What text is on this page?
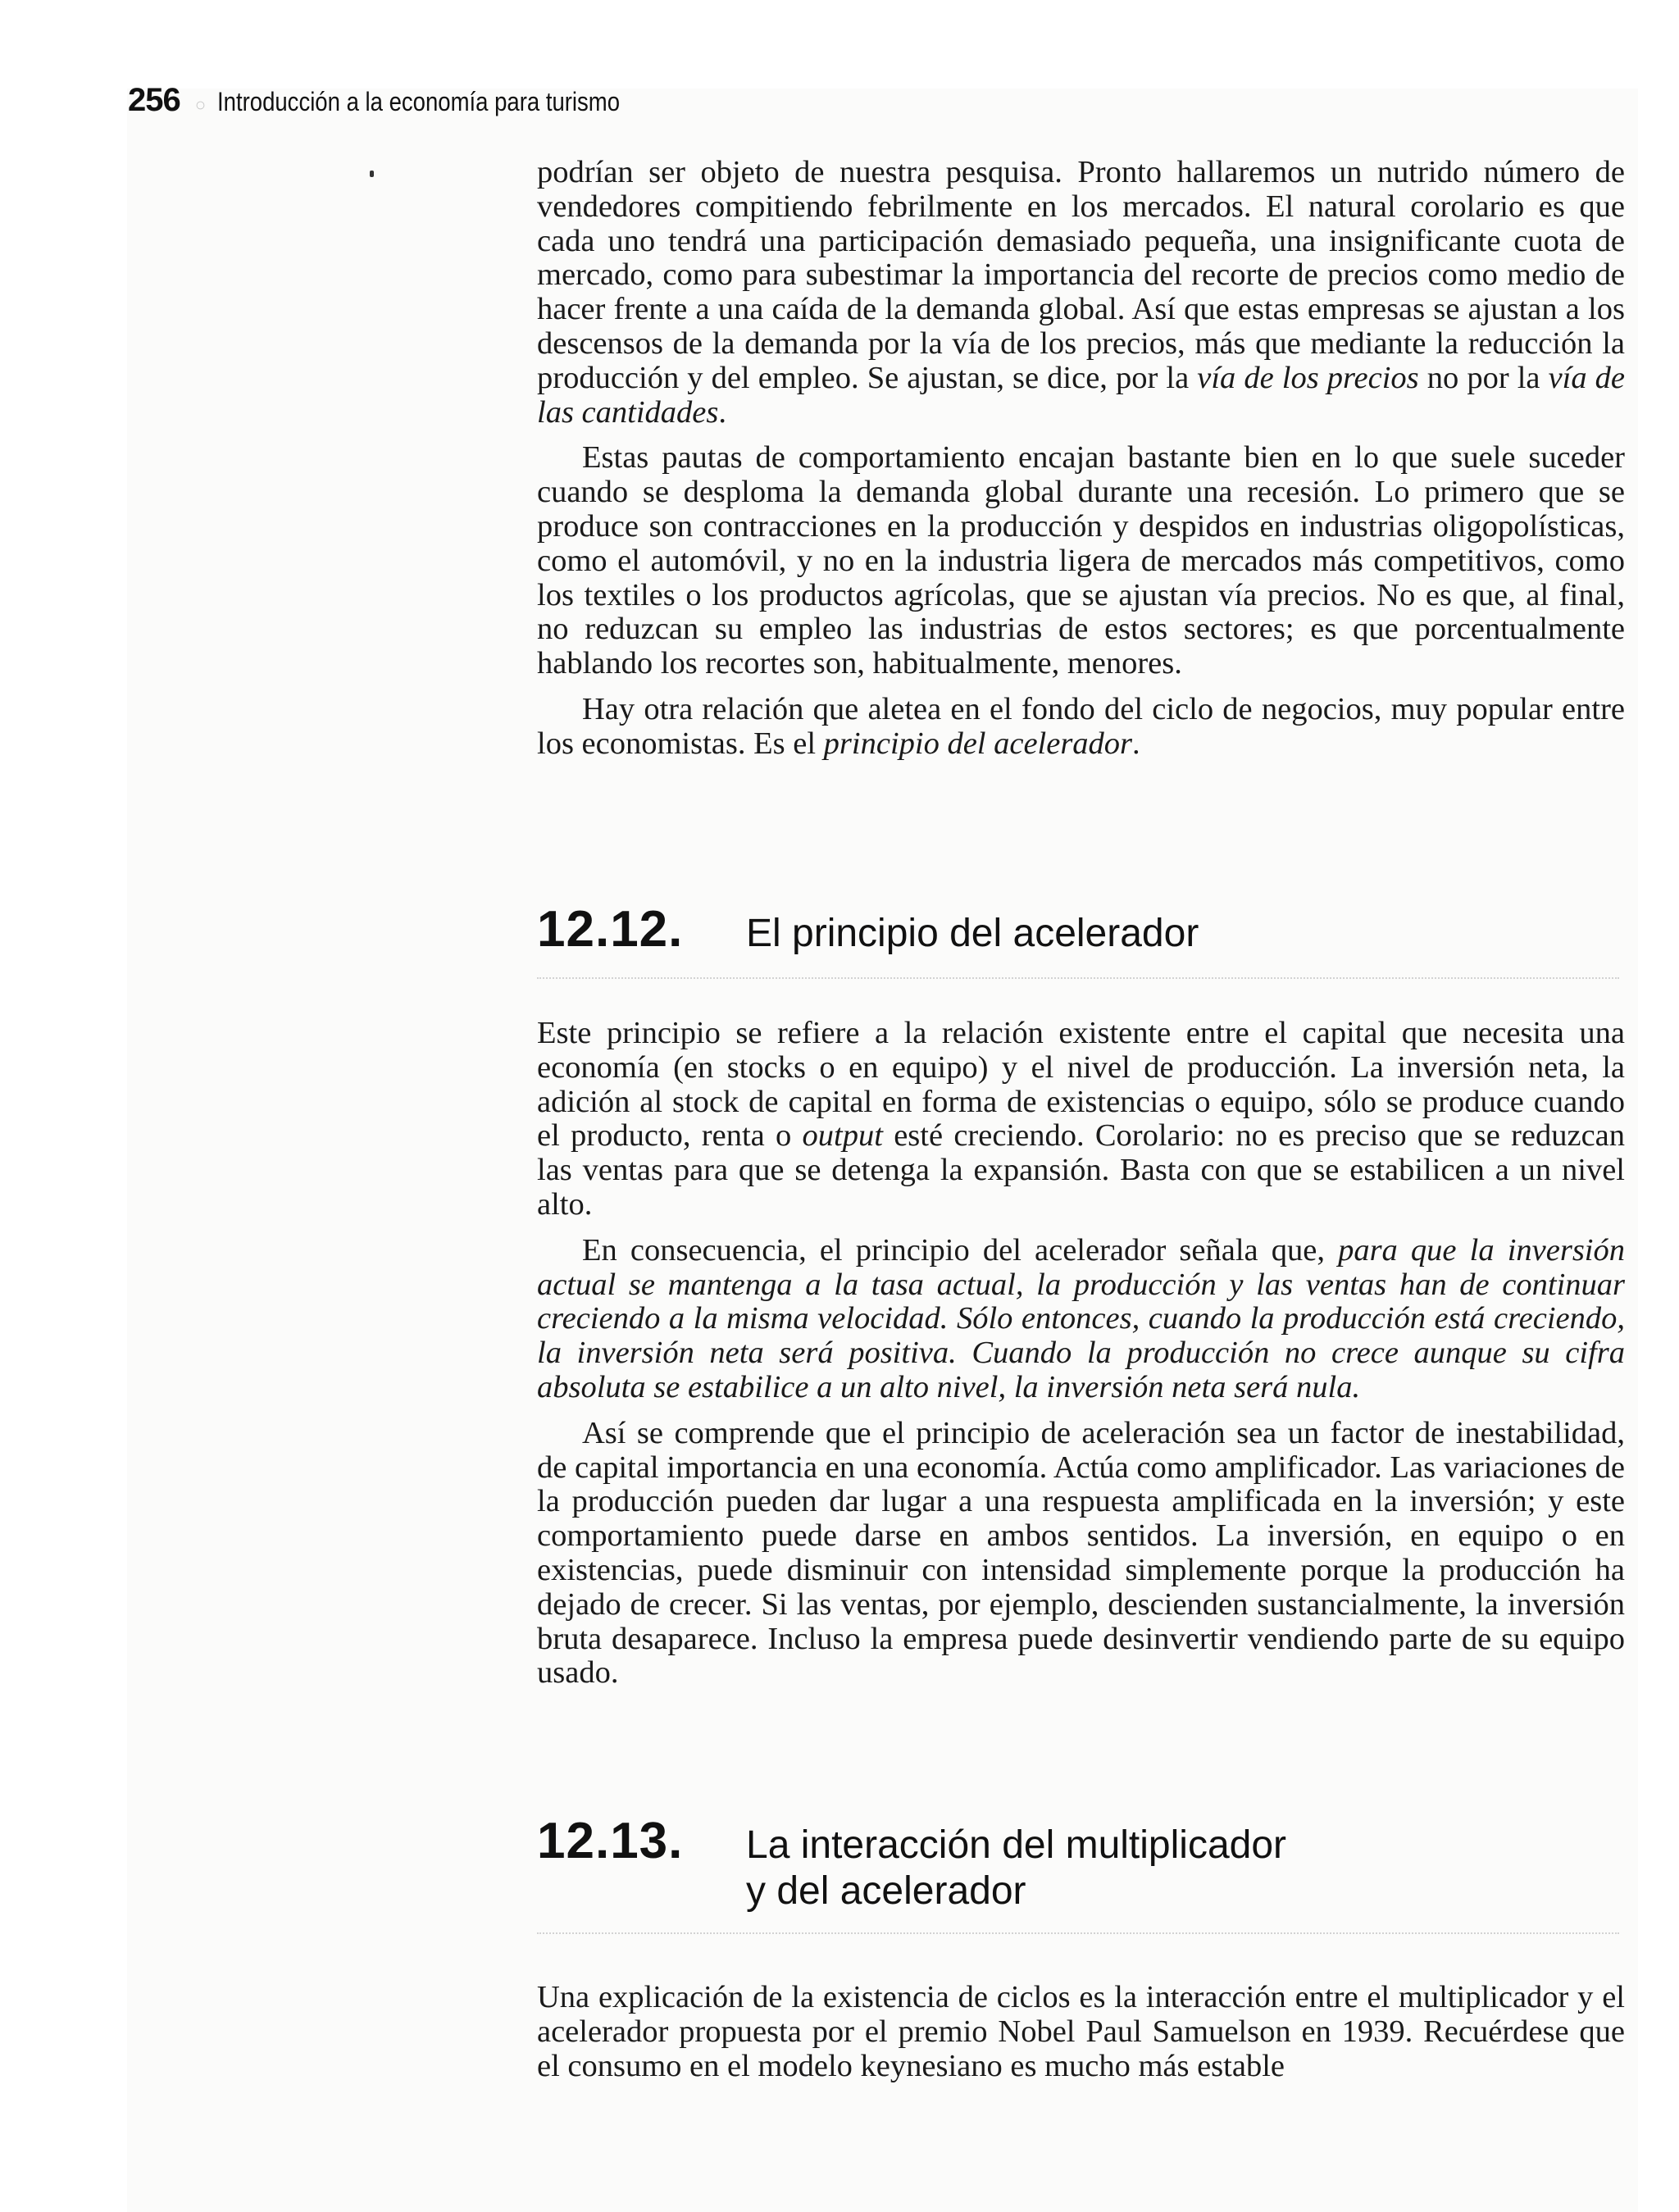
256 ○ Introducción a la economía para turismo

podrían ser objeto de nuestra pesquisa. Pronto hallaremos un nutrido número de vendedores compitiendo febrilmente en los mercados. El natural corolario es que cada uno tendrá una participación demasiado pequeña, una insignificante cuota de mercado, como para subestimar la importancia del recorte de precios como medio de hacer frente a una caída de la demanda global. Así que estas empresas se ajustan a los descensos de la demanda por la vía de los precios, más que mediante la reducción la producción y del empleo. Se ajustan, se dice, por la vía de los precios no por la vía de las cantidades.

Estas pautas de comportamiento encajan bastante bien en lo que suele suceder cuando se desploma la demanda global durante una recesión. Lo primero que se produce son contracciones en la producción y despidos en industrias oligopolísticas, como el automóvil, y no en la industria ligera de mercados más competitivos, como los textiles o los productos agrícolas, que se ajustan vía precios. No es que, al final, no reduzcan su empleo las industrias de estos sectores; es que porcentualmente hablando los recortes son, habitualmente, menores.

Hay otra relación que aletea en el fondo del ciclo de negocios, muy popular entre los economistas. Es el principio del acelerador.

12.12.	El principio del acelerador

Este principio se refiere a la relación existente entre el capital que necesita una economía (en stocks o en equipo) y el nivel de producción. La inversión neta, la adición al stock de capital en forma de existencias o equipo, sólo se produce cuando el producto, renta o output esté creciendo. Corolario: no es preciso que se reduzcan las ventas para que se detenga la expansión. Basta con que se estabilicen a un nivel alto.

En consecuencia, el principio del acelerador señala que, para que la inversión actual se mantenga a la tasa actual, la producción y las ventas han de continuar creciendo a la misma velocidad. Sólo entonces, cuando la producción está creciendo, la inversión neta será positiva. Cuando la producción no crece aunque su cifra absoluta se estabilice a un alto nivel, la inversión neta será nula.

Así se comprende que el principio de aceleración sea un factor de inestabilidad, de capital importancia en una economía. Actúa como amplificador. Las variaciones de la producción pueden dar lugar a una respuesta amplificada en la inversión; y este comportamiento puede darse en ambos sentidos. La inversión, en equipo o en existencias, puede disminuir con intensidad simplemente porque la producción ha dejado de crecer. Si las ventas, por ejemplo, descienden sustancialmente, la inversión bruta desaparece. Incluso la empresa puede desinvertir vendiendo parte de su equipo usado.

12.13.	La interacción del multiplicador
y del acelerador

Una explicación de la existencia de ciclos es la interacción entre el multiplicador y el acelerador propuesta por el premio Nobel Paul Samuelson en 1939. Recuérdese que el consumo en el modelo keynesiano es mucho más estable
